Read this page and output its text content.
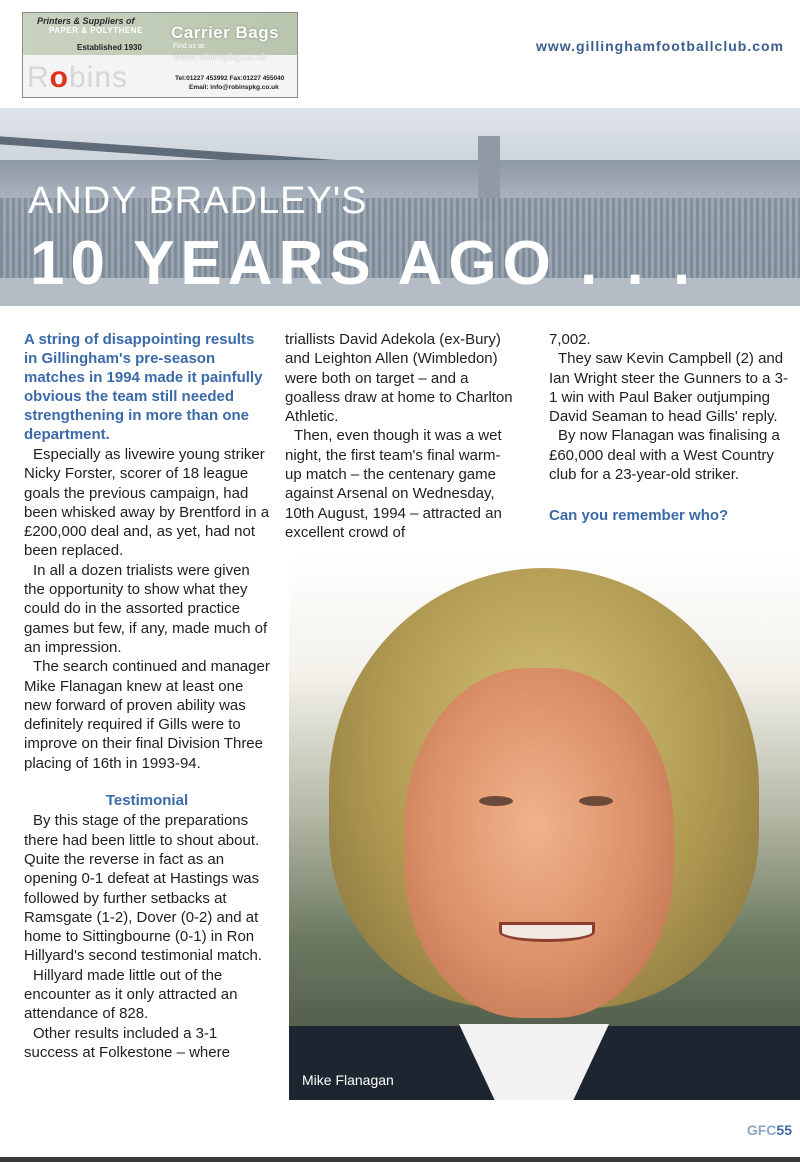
Printers & Suppliers of
PAPER & POLYTHENE Carrier Bags
Established 1930	Find us at:
www.robinspkg.co.uk
Robins	Tel:01227 453992 Fax:01227 455040
Email: info@robinspkg.co.uk
www.gillinghamfootballclub.com
ANDY BRADLEY'S
10 YEARS AGO . . .

A string of disappointing results in Gillingham's pre-season matches in 1994 made it painfully obvious the team still needed strengthening in more than one department.

Especially as livewire young striker Nicky Forster, scorer of 18 league goals the previous campaign, had been whisked away by Brentford in a £200,000 deal and, as yet, had not been replaced.

In all a dozen trialists were given the opportunity to show what they could do in the assorted practice games but few, if any, made much of an impression.

The search continued and manager Mike Flanagan knew at least one new forward of proven ability was definitely required if Gills were to improve on their final Division Three placing of 16th in 1993-94.

Testimonial

By this stage of the preparations there had been little to shout about. Quite the reverse in fact as an opening 0-1 defeat at Hastings was followed by further setbacks at Ramsgate (1-2), Dover (0-2) and at home to Sittingbourne (0-1) in Ron Hillyard's second testimonial match.

Hillyard made little out of the encounter as it only attracted an attendance of 828.

Other results included a 3-1 success at Folkestone – where

triallists David Adekola (ex-Bury) and Leighton Allen (Wimbledon) were both on target – and a goalless draw at home to Charlton Athletic.

Then, even though it was a wet night, the first team's final warm-up match – the centenary game against Arsenal on Wednesday, 10th August, 1994 – attracted an excellent crowd of

7,002.

They saw Kevin Campbell (2) and Ian Wright steer the Gunners to a 3-1 win with Paul Baker outjumping David Seaman to head Gills' reply.

By now Flanagan was finalising a £60,000 deal with a West Country club for a 23-year-old striker.

Can you remember who?

Mike Flanagan
GFC55
